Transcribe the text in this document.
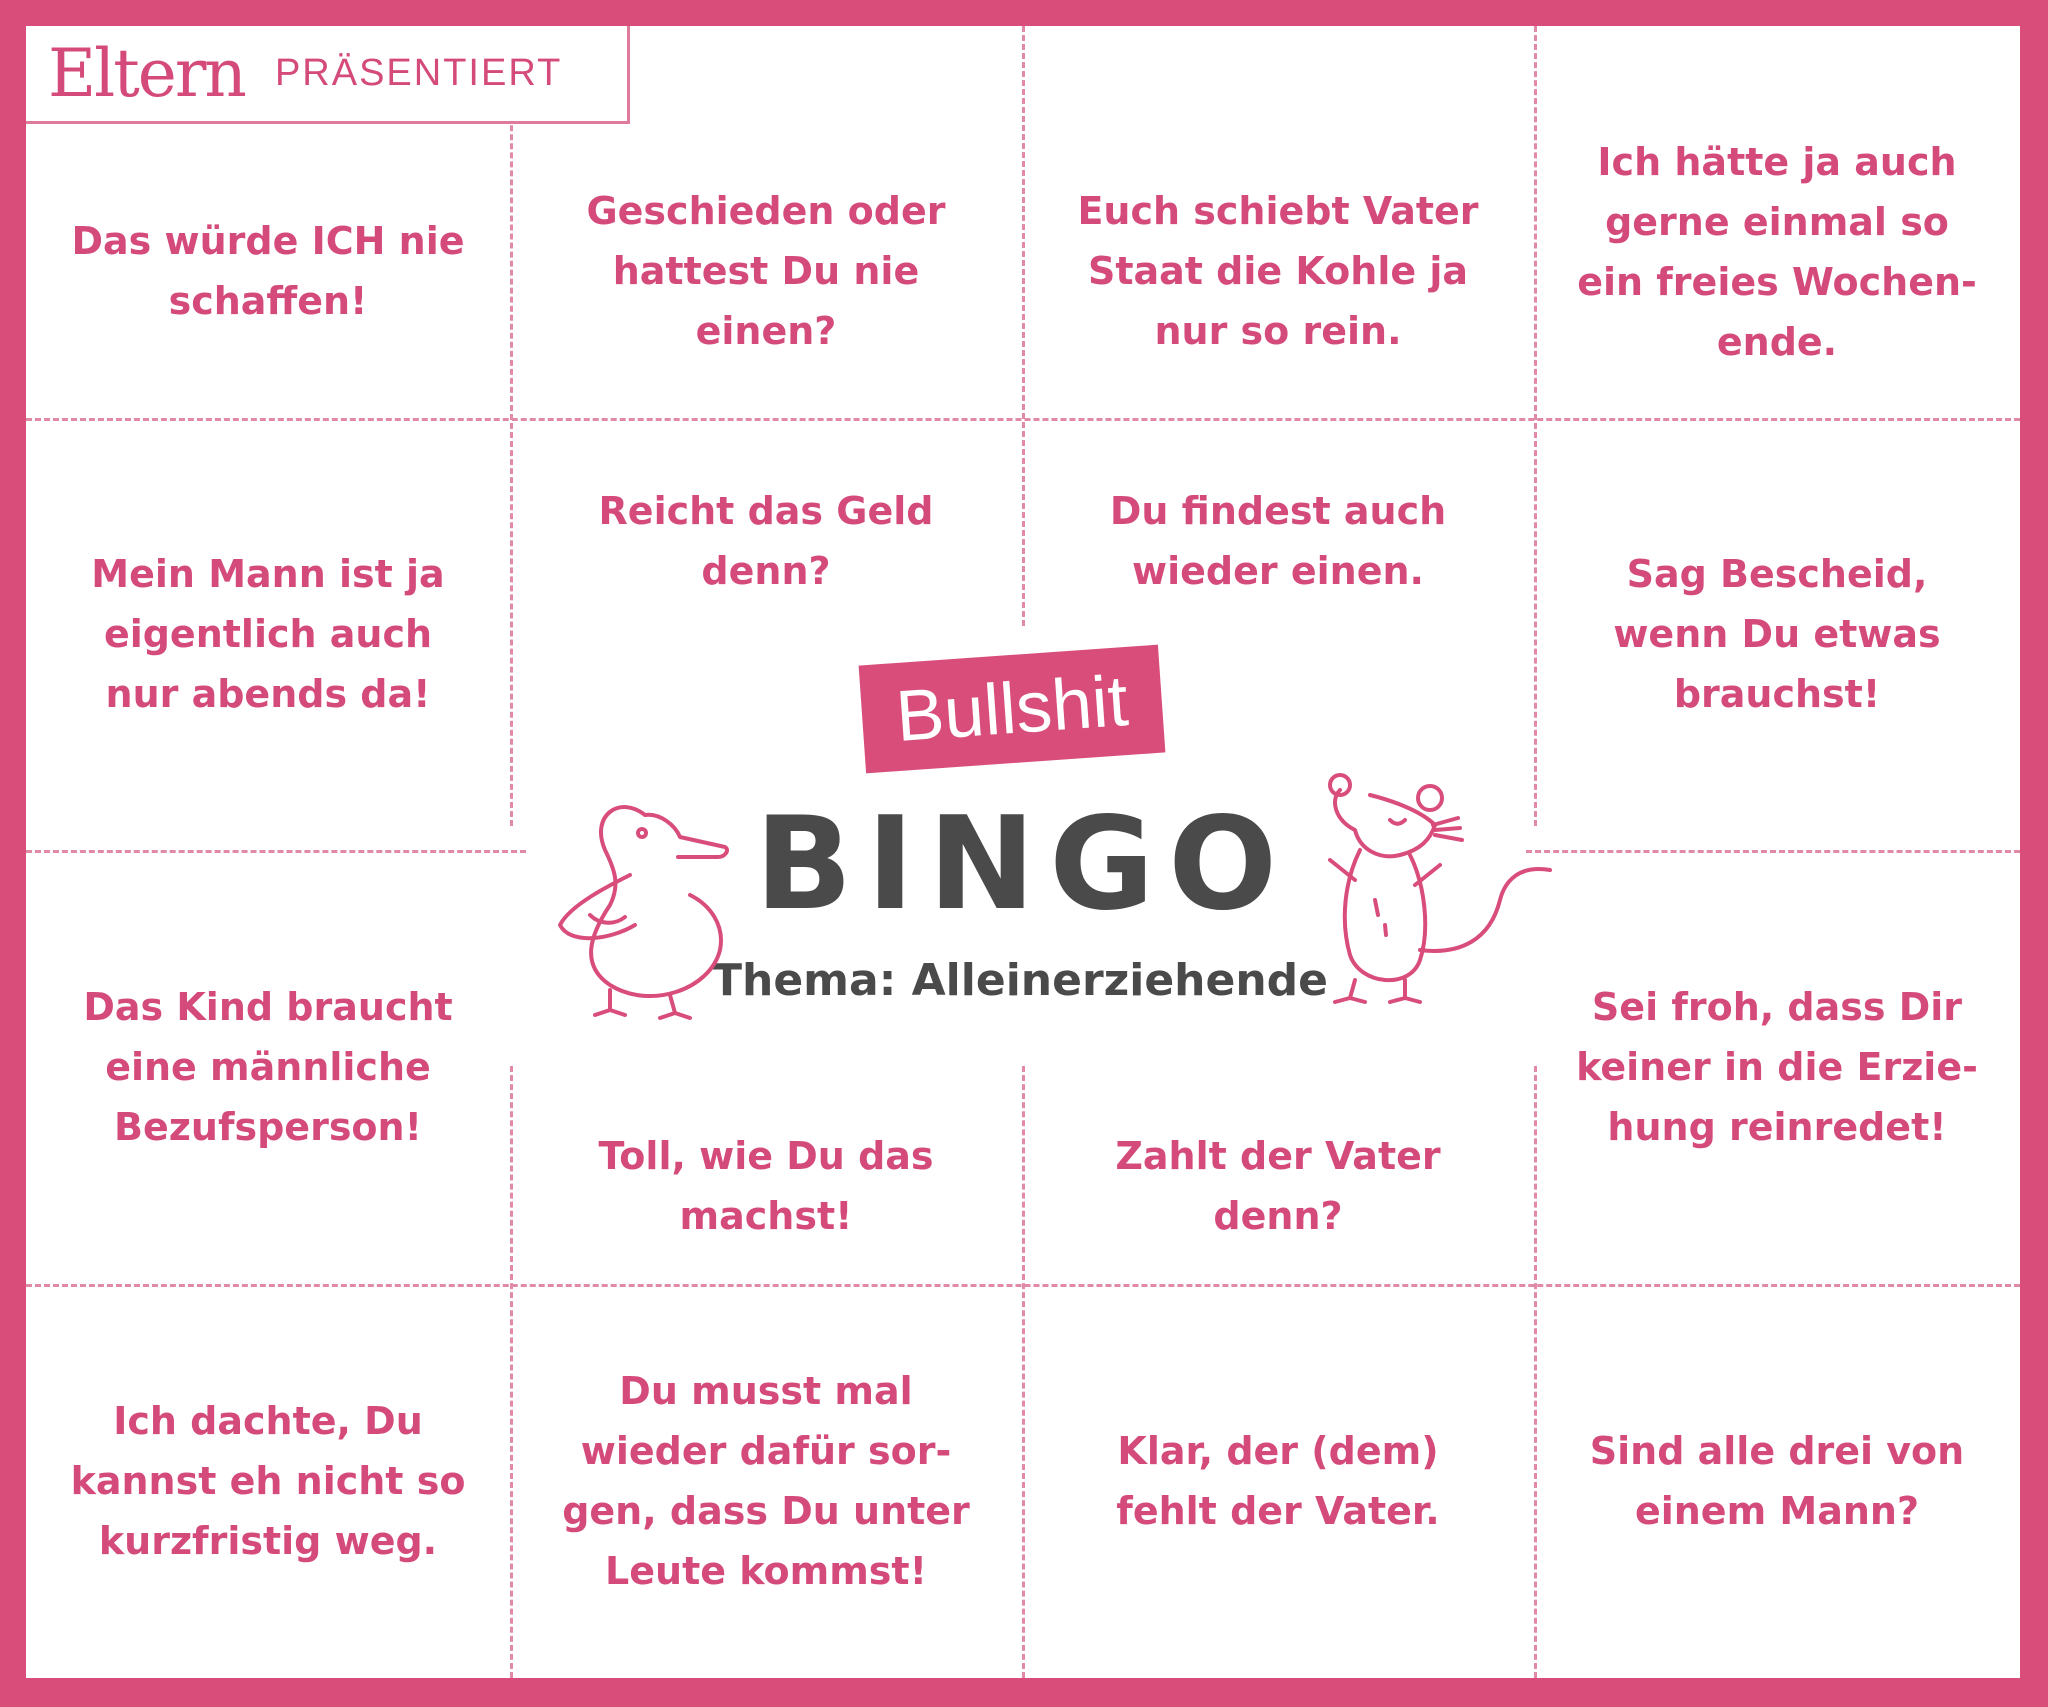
Eltern PRÄSENTIERT
Das würde ICH nie
schaffen!
Geschieden oder
hattest Du nie
einen?
Euch schiebt Vater
Staat die Kohle ja
nur so rein.
Ich hätte ja auch
gerne einmal so
ein freies Wochen-
ende.
Mein Mann ist ja
eigentlich auch
nur abends da!
Reicht das Geld
denn?
Du findest auch
wieder einen.	Sag Bescheid,
wenn Du etwas
brauchst!
Das Kind braucht
eine männliche
Bezufsperson!
Toll, wie Du das
machst!
Zahlt der Vater
denn?
Sei froh, dass Dir
keiner in die Erzie-
hung reinredet!
Ich dachte, Du
kannst eh nicht so
kurzfristig weg.
Du musst mal
wieder dafür sor-
gen, dass Du unter
Leute kommst!
Klar, der (dem)
fehlt der Vater.
Sind alle drei von
einem Mann?
Bullshit
BINGO
Thema: Alleinerziehende
